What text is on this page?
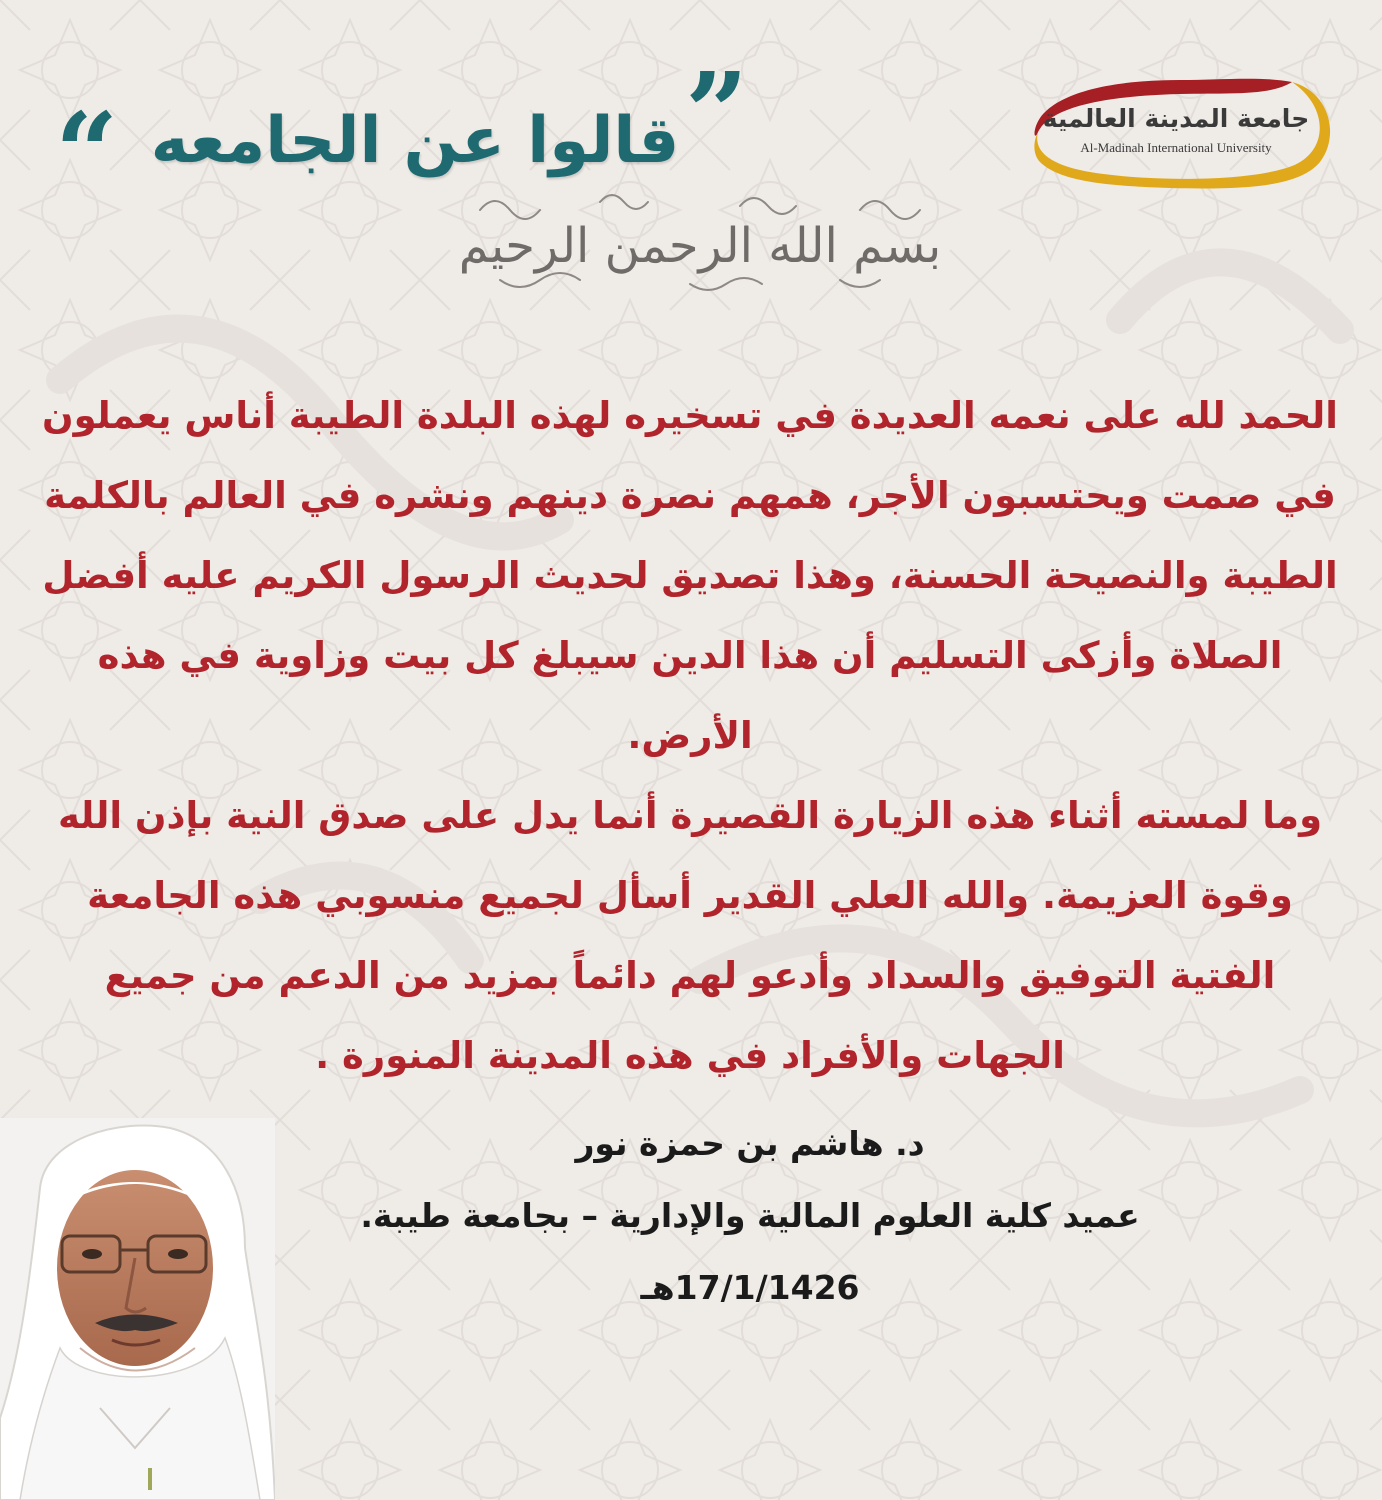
جامعة المدينة العالمية
Al-Madinah International University
“ قالوا عن الجامعه ”
بسم الله الرحمن الرحيم

الحمد لله على نعمه العديدة في تسخيره لهذه البلدة الطيبة أناس يعملون في صمت ويحتسبون الأجر، همهم نصرة دينهم ونشره في العالم بالكلمة الطيبة والنصيحة الحسنة، وهذا تصديق لحديث الرسول الكريم عليه أفضل الصلاة وأزكى التسليم أن هذا الدين سيبلغ كل بيت وزاوية في هذه الأرض.

وما لمسته أثناء هذه الزيارة القصيرة أنما يدل على صدق النية بإذن الله وقوة العزيمة. والله العلي القدير أسأل لجميع منسوبي هذه الجامعة الفتية التوفيق والسداد وأدعو لهم دائماً بمزيد من الدعم من جميع الجهات والأفراد في هذه المدينة المنورة .

د. هاشم بن حمزة نور

عميد كلية العلوم المالية والإدارية – بجامعة طيبة.

17/1/1426هـ
